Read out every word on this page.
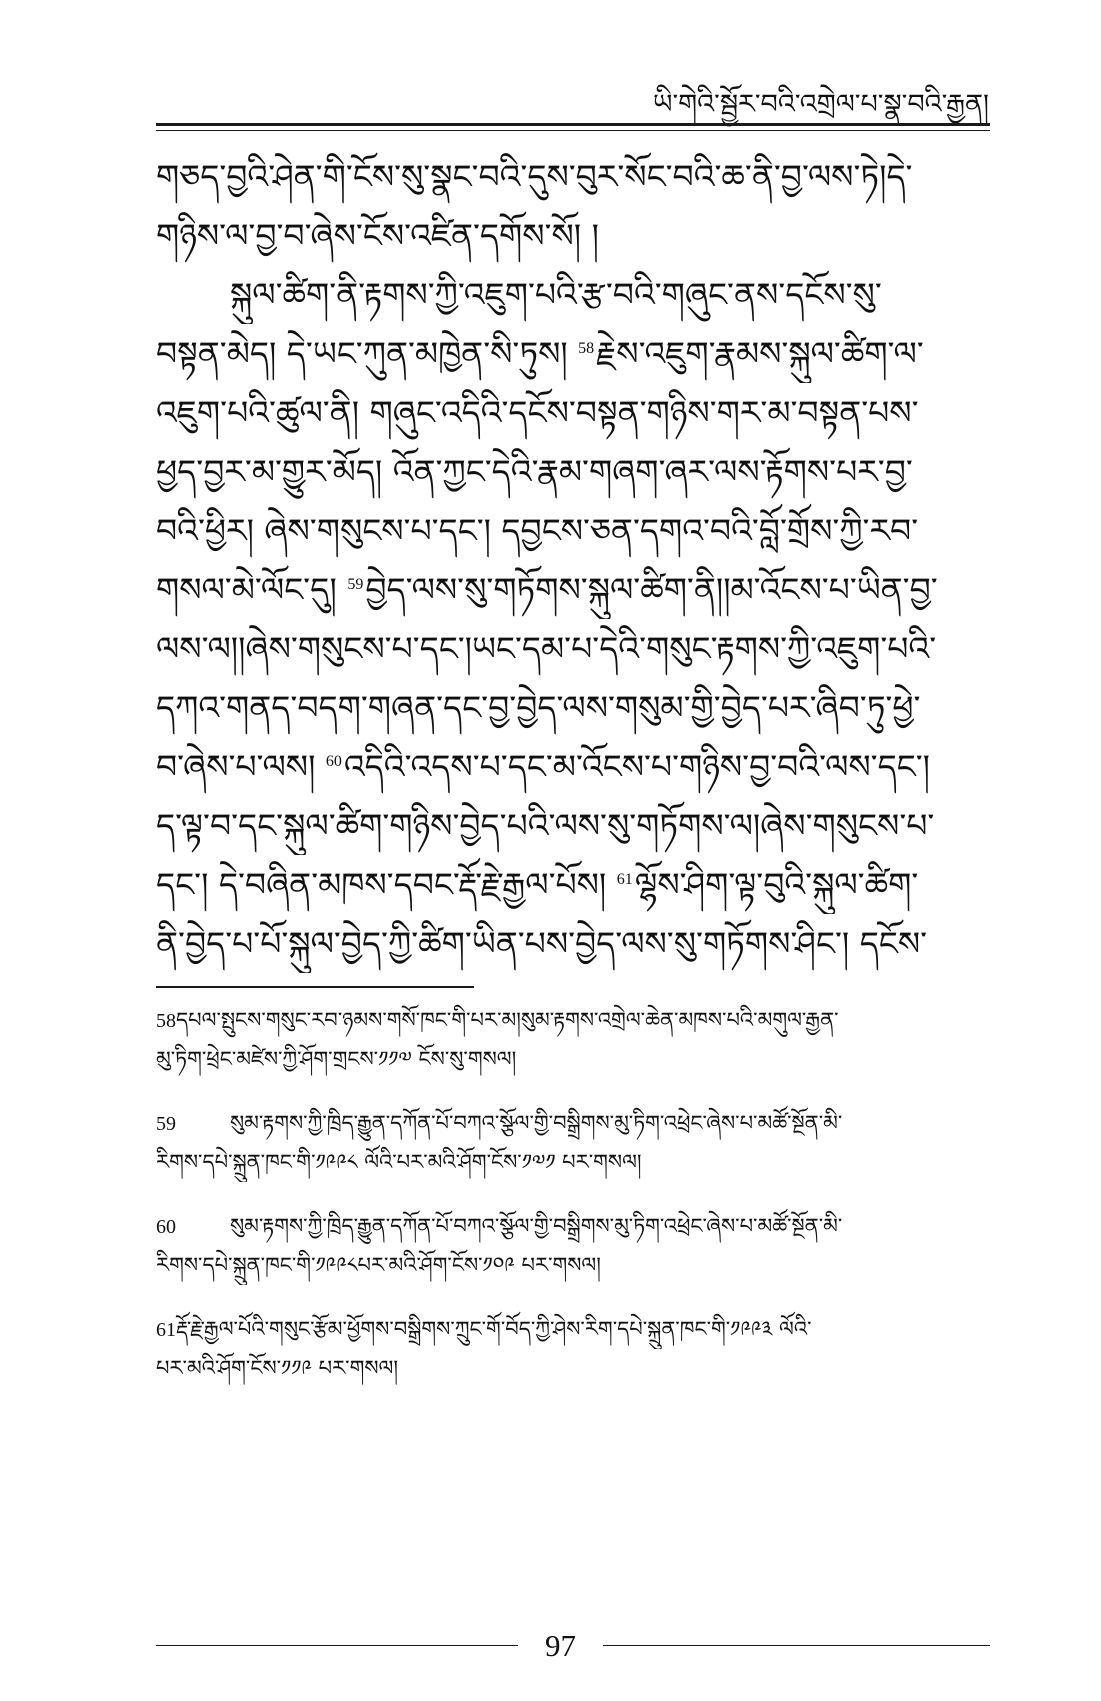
ཡི་གེའི་སྦྱོར་བའི་འགྲེལ་པ་སྣ་བའི་རྒྱན།
གཅད་བྱའི་ཤེན་གི་ངོས་སུ་སྣང་བའི་དུས་བུར་སོང་བའི་ཆ་ནི་བྱ་ལས་ཏེ།དེ་
གཉིས་ལ་བྱ་བ་ཞེས་ངོས་འཛིན་དགོས་སོ། །
སྐུལ་ཚིག་ནི་རྟགས་ཀྱི་འཇུག་པའི་རྩ་བའི་གཞུང་ནས་དངོས་སུ་
བསྟན་མེད། དེ་ཡང་ཀུན་མཁྱེན་སི་ཏུས། $^{58}$རྗེས་འཇུག་རྣམས་སྐུལ་ཚིག་ལ་
འཇུག་པའི་ཚུལ་ནི། གཞུང་འདིའི་དངོས་བསྟན་གཉིས་གར་མ་བསྟན་པས་
ཕྱད་བྱར་མ་གྱུར་མོད། འོན་ཀྱང་དེའི་རྣམ་གཞག་ཞར་ལས་རྟོགས་པར་བྱ་
བའི་ཕྱིར། ཞེས་གསུངས་པ་དང་། དབྱངས་ཅན་དགའ་བའི་བློ་གྲོས་ཀྱི་རབ་
གསལ་མེ་ལོང་དུ། $^{59}$བྱེད་ལས་སུ་གཏོགས་སྐུལ་ཚིག་ནི།།མ་འོངས་པ་ཡིན་བྱ་
ལས་ལ།།ཞེས་གསུངས་པ་དང་།ཡང་དམ་པ་དེའི་གསུང་རྟགས་ཀྱི་འཇུག་པའི་
དཀའ་གནད་བདག་གཞན་དང་བྱ་བྱེད་ལས་གསུམ་གྱི་བྱེད་པར་ཞིབ་ཏུ་ཕྱེ་
བ་ཞེས་པ་ལས། $^{60}$འདིའི་འདས་པ་དང་མ་འོངས་པ་གཉིས་བྱ་བའི་ལས་དང་།
ད་ལྟ་བ་དང་སྐུལ་ཚིག་གཉིས་བྱེད་པའི་ལས་སུ་གཏོགས་ལ།ཞེས་གསུངས་པ་
དང་། དེ་བཞིན་མཁས་དབང་རྡོ་རྗེ་རྒྱལ་པོས། $^{61}$ལྷོས་ཤིག་ལྟ་བུའི་སྐུལ་ཚིག་
ནི་བྱེད་པ་པོ་སྐུལ་བྱེད་ཀྱི་ཚིག་ཡིན་པས་བྱེད་ལས་སུ་གཏོགས་ཤིང་། དངོས་
58དཔལ་སྤུངས་གསུང་རབ་ཉམས་གསོ་ཁང་གི་པར་མ།སུམ་རྟགས་འགྲེལ་ཆེན་མཁས་པའི་མགུལ་རྒྱན་
མུ་ཏིག་ཕྲེང་མཛེས་ཀྱི་ཤོག་གྲངས་༡༡༧ ངོས་སུ་གསལ།
59	སུམ་རྟགས་ཀྱི་ཁྲིད་རྒྱུན་དཀོན་པོ་བཀའ་སྩོལ་གྱི་བསྒྲིགས་མུ་ཏིག་འཕྲེང་ཞེས་པ་མཚོ་སྔོན་མི་
རིགས་དཔེ་སྐྲུན་ཁང་གི་༡༩༩༨ ལོའི་པར་མའི་ཤོག་ངོས་༡༧༡ པར་གསལ།
60	སུམ་རྟགས་ཀྱི་ཁྲིད་རྒྱུན་དཀོན་པོ་བཀའ་སྩོལ་གྱི་བསྒྲིགས་མུ་ཏིག་འཕྲེང་ཞེས་པ་མཚོ་སྔོན་མི་
རིགས་དཔེ་སྐྲུན་ཁང་གི་༡༩༩༨པར་མའི་ཤོག་ངོས་༡༠༩ པར་གསལ།
61རྡོ་རྗེ་རྒྱལ་པོའི་གསུང་རྩོམ་ཕྱོགས་བསྒྲིགས་ཀྲུང་གོ་བོད་ཀྱི་ཤེས་རིག་དཔེ་སྐྲུན་ཁང་གི་༡༩༩༣ ལོའི་
པར་མའི་ཤོག་ངོས་༡༡༩ པར་གསལ།
97
